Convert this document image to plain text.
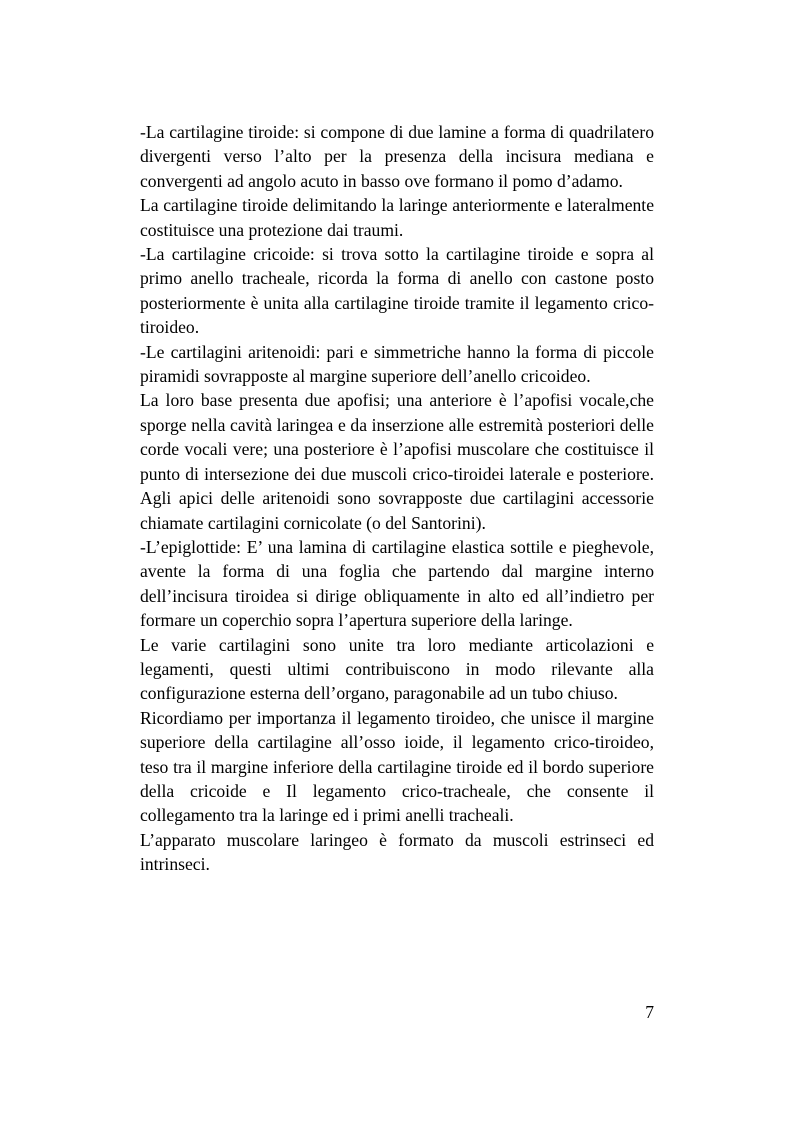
-La cartilagine tiroide: si compone di due lamine a forma di quadrilatero divergenti verso l’alto per la presenza della incisura mediana e convergenti ad angolo acuto in basso ove formano il pomo d’adamo.

La cartilagine tiroide delimitando la laringe anteriormente e lateralmente costituisce una protezione dai traumi.

-La cartilagine cricoide: si trova sotto la cartilagine tiroide e sopra al primo anello tracheale, ricorda la forma di anello con castone posto posteriormente è unita alla cartilagine tiroide tramite il legamento crico-tiroideo.

-Le cartilagini aritenoidi: pari e simmetriche hanno la forma di piccole piramidi sovrapposte al margine superiore dell’anello cricoideo.

La loro base presenta due apofisi; una anteriore è l’apofisi vocale,che sporge nella cavità laringea e da inserzione alle estremità posteriori delle corde vocali vere; una posteriore è l’apofisi muscolare che costituisce il punto di intersezione dei due muscoli crico-tiroidei laterale e posteriore. Agli apici delle aritenoidi sono sovrapposte due cartilagini accessorie chiamate cartilagini cornicolate (o del Santorini).

-L’epiglottide: E’ una lamina di cartilagine elastica sottile e pieghevole, avente la forma di una foglia che partendo dal margine interno dell’incisura tiroidea si dirige obliquamente in alto ed all’indietro per formare un coperchio sopra l’apertura superiore della laringe.

Le varie cartilagini sono unite tra loro mediante articolazioni e legamenti, questi ultimi contribuiscono in modo rilevante alla configurazione esterna dell’organo, paragonabile ad un tubo chiuso.

Ricordiamo per importanza il legamento tiroideo, che unisce il margine superiore della cartilagine all’osso ioide, il legamento crico-tiroideo, teso tra il margine inferiore della cartilagine tiroide ed il bordo superiore della cricoide e Il legamento crico-tracheale, che consente il collegamento tra la laringe ed i primi anelli tracheali.

L’apparato muscolare laringeo è formato da muscoli estrinseci ed intrinseci.

7
